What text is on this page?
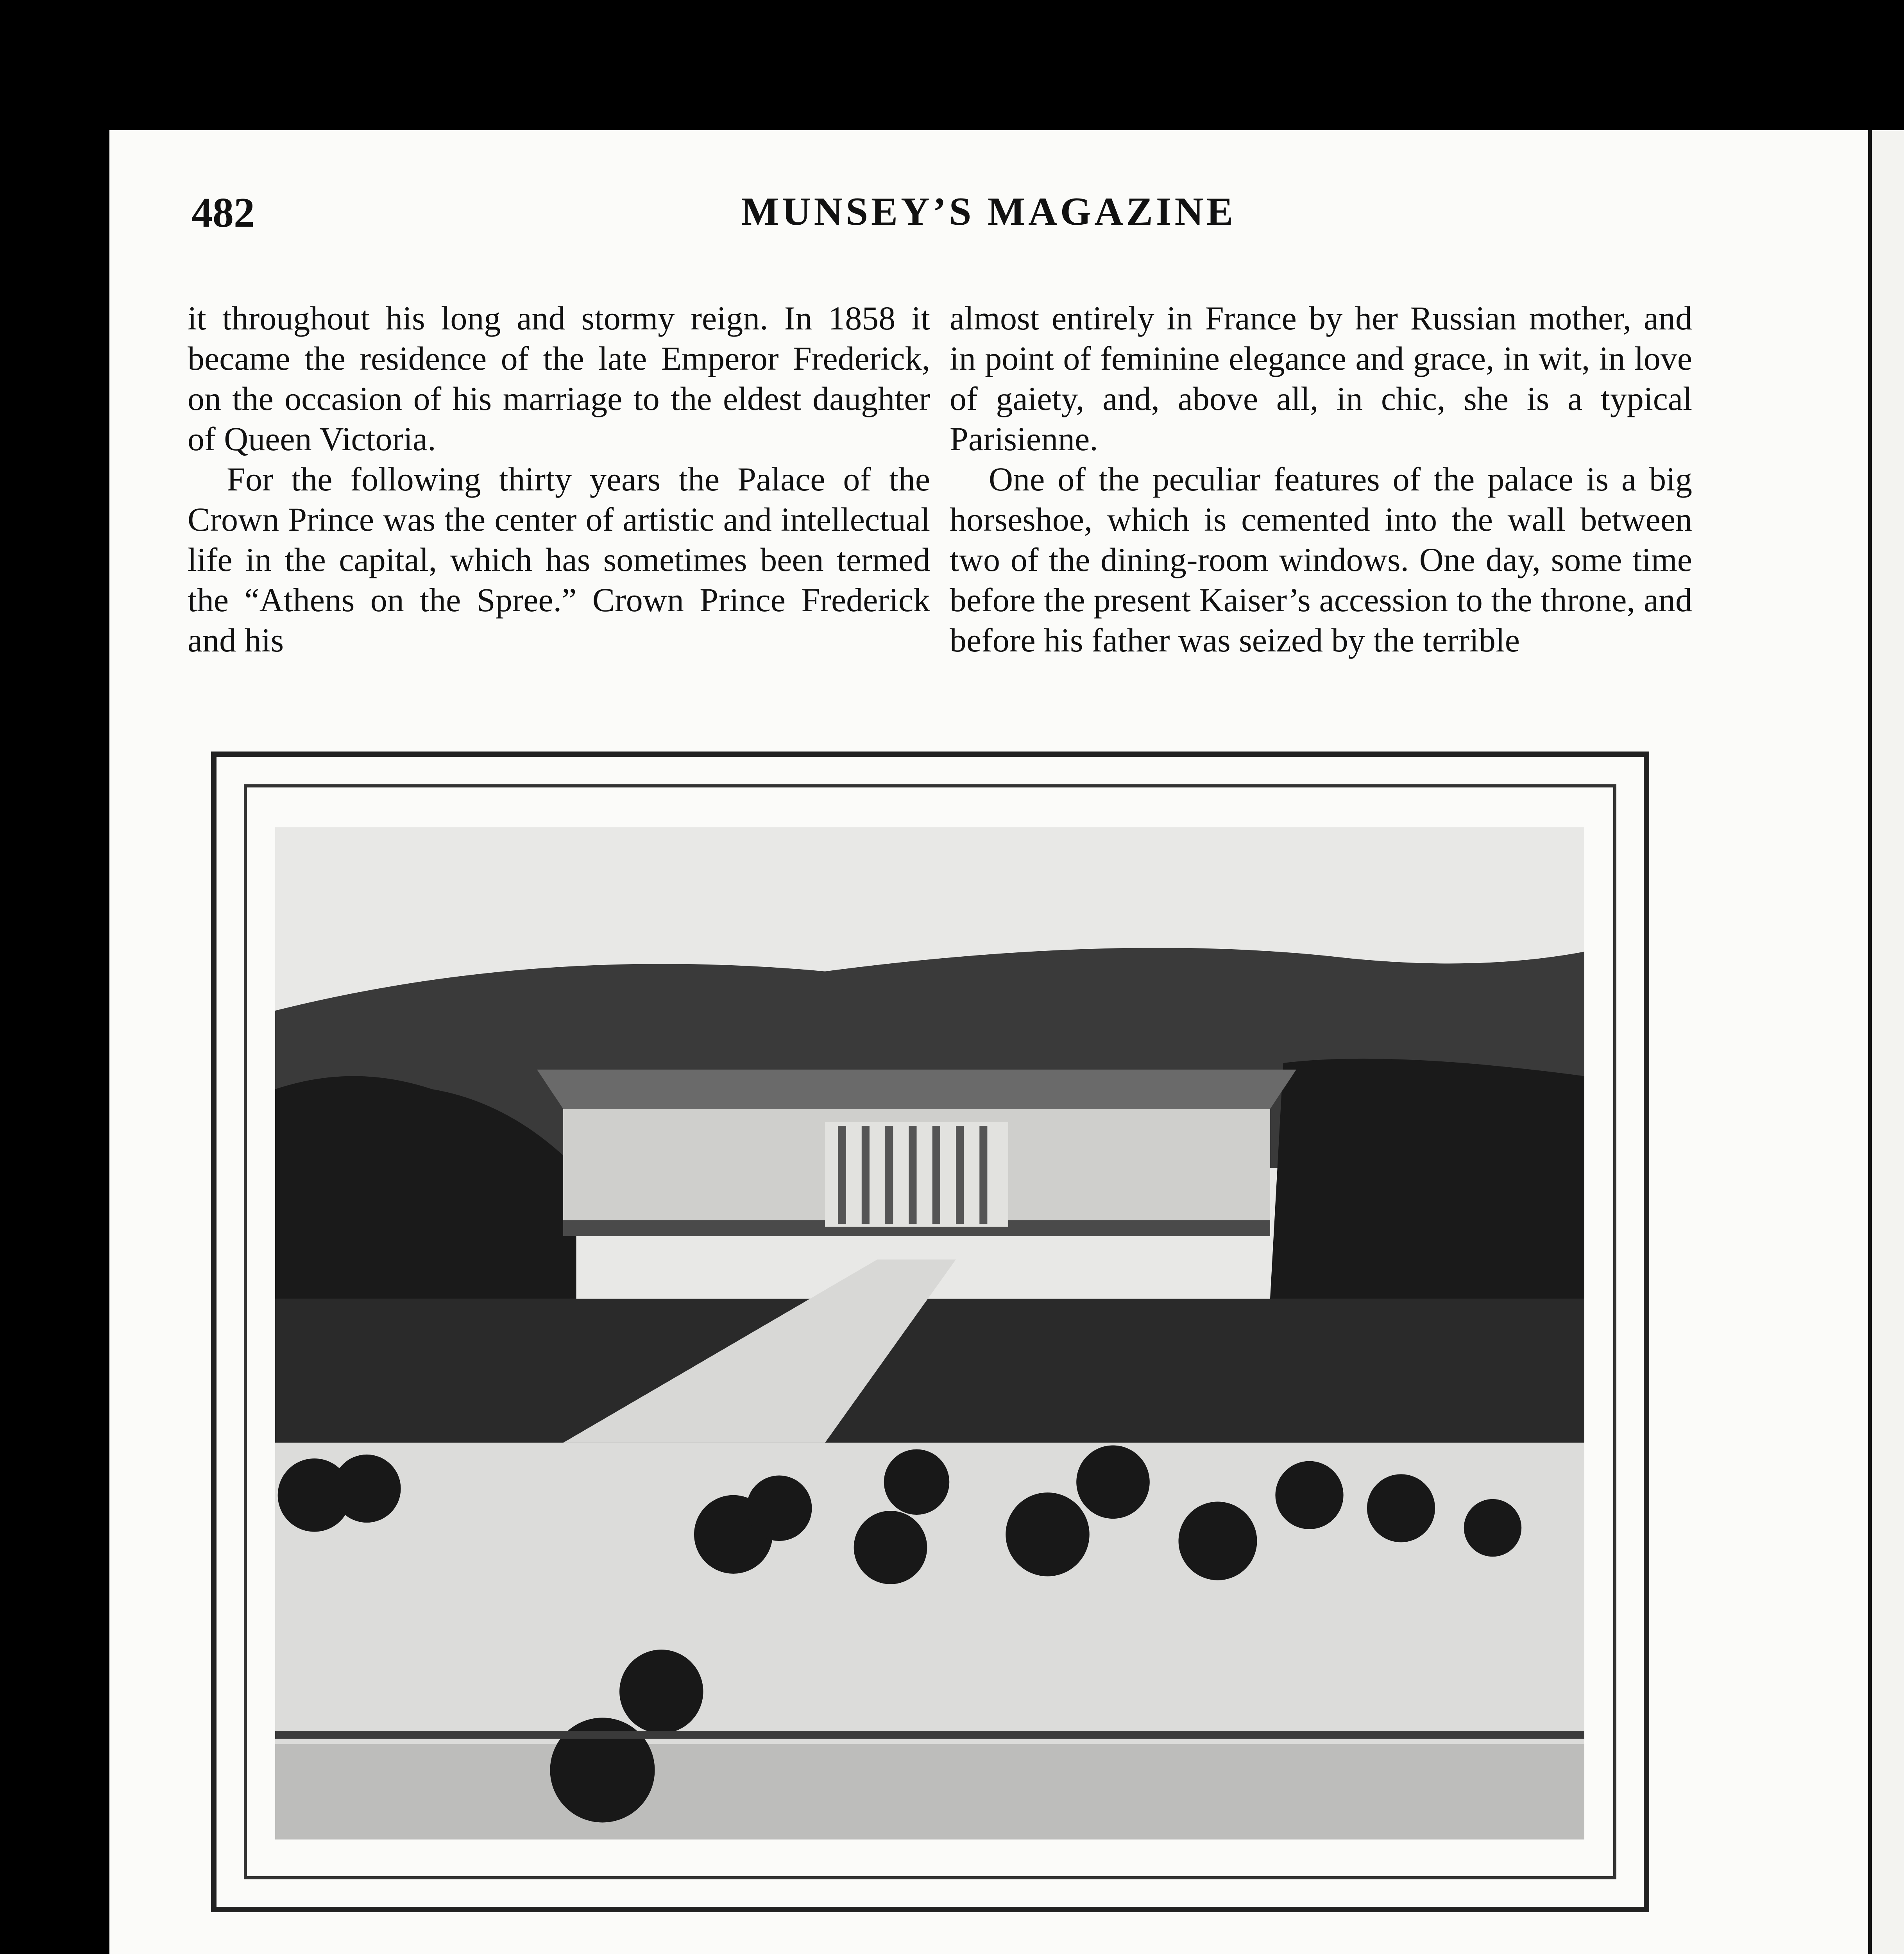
482	MUNSEY’S MAGAZINE

it throughout his long and stormy reign. In 1858 it became the residence of the late Emperor Frederick, on the occasion of his marriage to the eldest daughter of Queen Victoria.

For the following thirty years the Palace of the Crown Prince was the center of artistic and intellectual life in the capital, which has sometimes been termed the “Athens on the Spree.” Crown Prince Frederick and his

almost entirely in France by her Russian mother, and in point of feminine elegance and grace, in wit, in love of gaiety, and, above all, in chic, she is a typical Parisienne.

One of the peculiar features of the palace is a big horseshoe, which is cemented into the wall between two of the dining-room windows. One day, some time before the present Kaiser’s accession to the throne, and before his father was seized by the terrible
